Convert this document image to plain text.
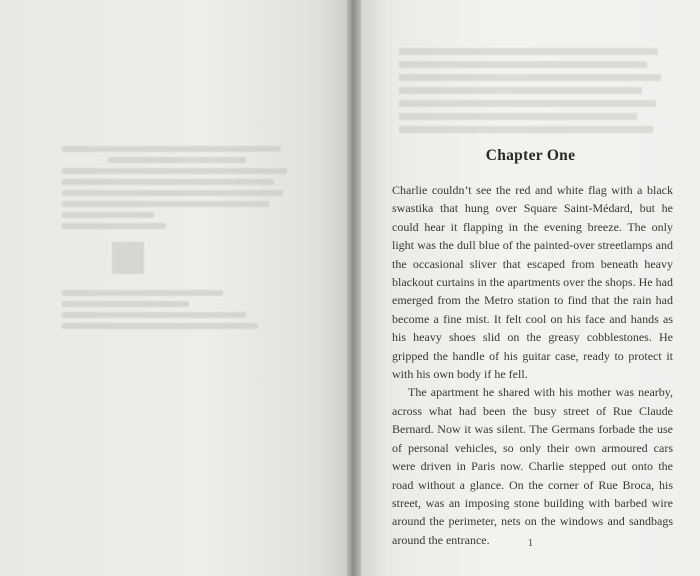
Chapter One

Charlie couldn’t see the red and white flag with a black swastika that hung over Square Saint-Médard, but he could hear it flapping in the evening breeze. The only light was the dull blue of the painted-over streetlamps and the occasional sliver that escaped from beneath heavy blackout curtains in the apartments over the shops. He had emerged from the Metro station to find that the rain had become a fine mist. It felt cool on his face and hands as his heavy shoes slid on the greasy cobblestones. He gripped the handle of his guitar case, ready to protect it with his own body if he fell.

The apartment he shared with his mother was nearby, across what had been the busy street of Rue Claude Bernard. Now it was silent. The Germans forbade the use of personal vehicles, so only their own armoured cars were driven in Paris now. Charlie stepped out onto the road without a glance. On the corner of Rue Broca, his street, was an imposing stone building with barbed wire around the perimeter, nets on the windows and sandbags around the entrance.	1
